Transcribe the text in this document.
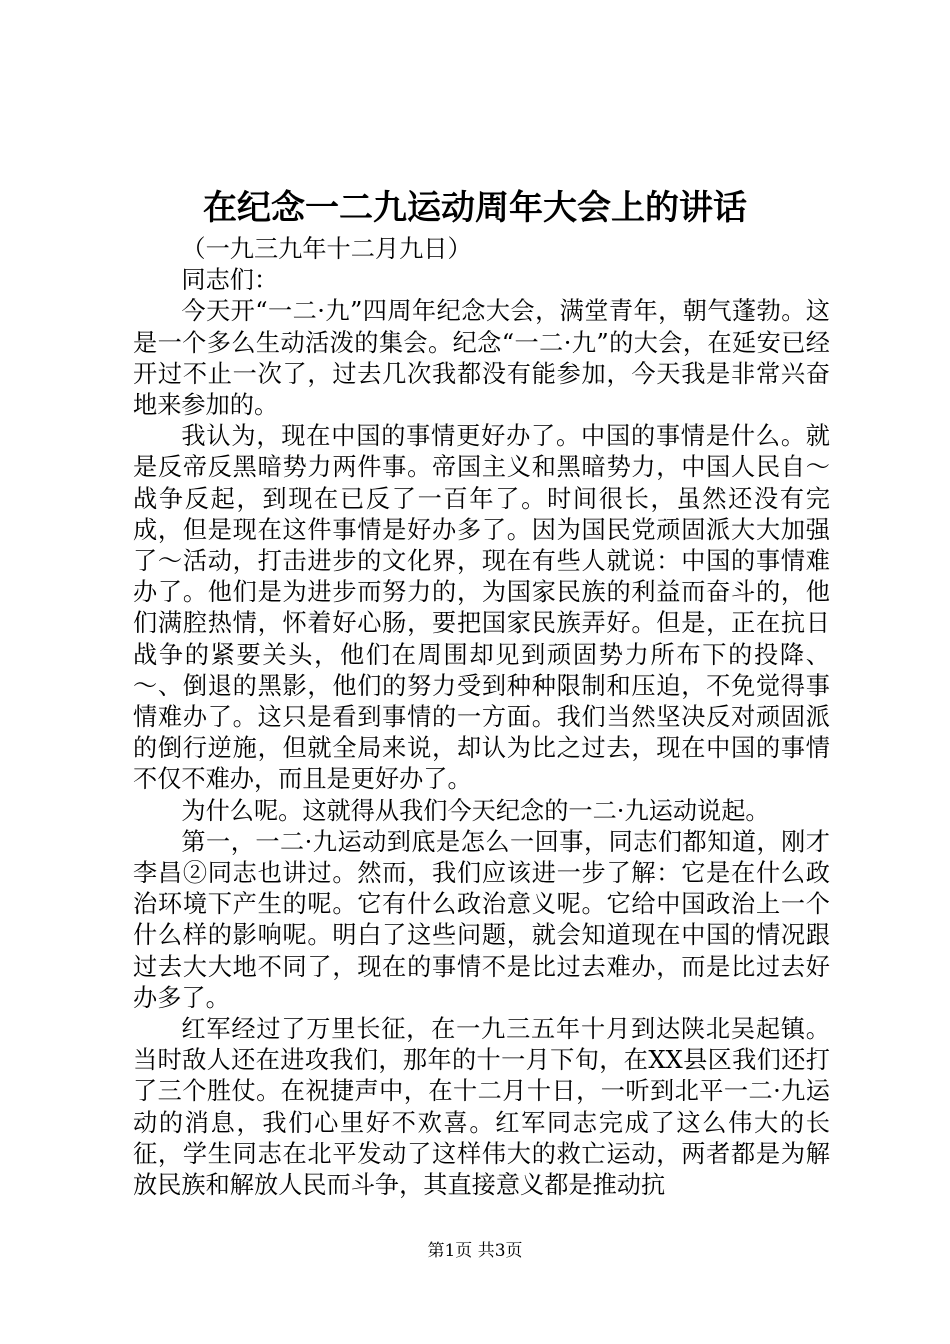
在纪念一二九运动周年大会上的讲话

（一九三九年十二月九日）

同志们：

今天开“一二·九”四周年纪念大会，满堂青年，朝气蓬勃。这是一个多么生动活泼的集会。纪念“一二·九”的大会，在延安已经开过不止一次了，过去几次我都没有能参加，今天我是非常兴奋地来参加的。

我认为，现在中国的事情更好办了。中国的事情是什么。就是反帝反黑暗势力两件事。帝国主义和黑暗势力，中国人民自～战争反起，到现在已反了一百年了。时间很长，虽然还没有完成，但是现在这件事情是好办多了。因为国民党顽固派大大加强了～活动，打击进步的文化界，现在有些人就说：中国的事情难办了。他们是为进步而努力的，为国家民族的利益而奋斗的，他们满腔热情，怀着好心肠，要把国家民族弄好。但是，正在抗日战争的紧要关头，他们在周围却见到顽固势力所布下的投降、～、倒退的黑影，他们的努力受到种种限制和压迫，不免觉得事情难办了。这只是看到事情的一方面。我们当然坚决反对顽固派的倒行逆施，但就全局来说，却认为比之过去，现在中国的事情不仅不难办，而且是更好办了。

为什么呢。这就得从我们今天纪念的一二·九运动说起。

第一，一二·九运动到底是怎么一回事，同志们都知道，刚才李昌②同志也讲过。然而，我们应该进一步了解：它是在什么政治环境下产生的呢。它有什么政治意义呢。它给中国政治上一个什么样的影响呢。明白了这些问题，就会知道现在中国的情况跟过去大大地不同了，现在的事情不是比过去难办，而是比过去好办多了。

红军经过了万里长征，在一九三五年十月到达陕北吴起镇。当时敌人还在进攻我们，那年的十一月下旬，在XX县区我们还打了三个胜仗。在祝捷声中，在十二月十日，一听到北平一二·九运动的消息，我们心里好不欢喜。红军同志完成了这么伟大的长征，学生同志在北平发动了这样伟大的救亡运动，两者都是为解放民族和解放人民而斗争，其直接意义都是推动抗

第1页 共3页
